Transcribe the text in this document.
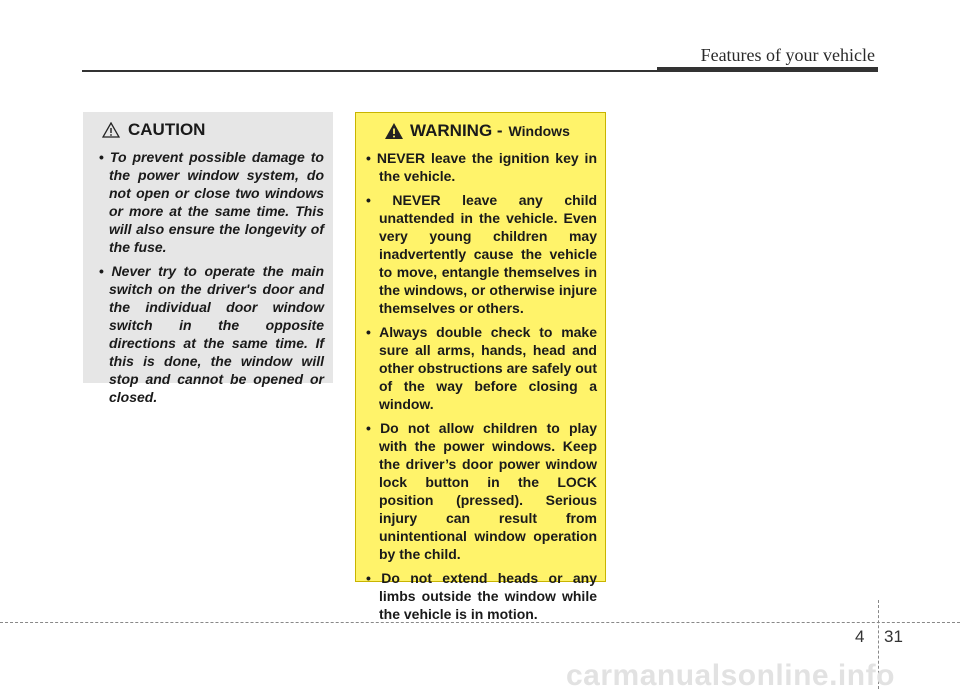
Features of your vehicle
CAUTION
• To prevent possible damage to the power window system, do not open or close two windows or more at the same time. This will also ensure the longevity of the fuse.
• Never try to operate the main switch on the driver's door and the individual door window switch in the opposite directions at the same time. If this is done, the window will stop and cannot be opened or closed.
WARNING - Windows
• NEVER leave the ignition key in the vehicle.
• NEVER leave any child unattended in the vehicle. Even very young children may inadvertently cause the vehicle to move, entangle themselves in the windows, or otherwise injure themselves or others.
• Always double check to make sure all arms, hands, head and other obstructions are safely out of the way before closing a window.
• Do not allow children to play with the power windows. Keep the driver’s door power window lock button in the LOCK position (pressed). Serious injury can result from unintentional window operation by the child.
• Do not extend heads or any limbs outside the window while the vehicle is in motion.
4 31
carmanualsonline.info
